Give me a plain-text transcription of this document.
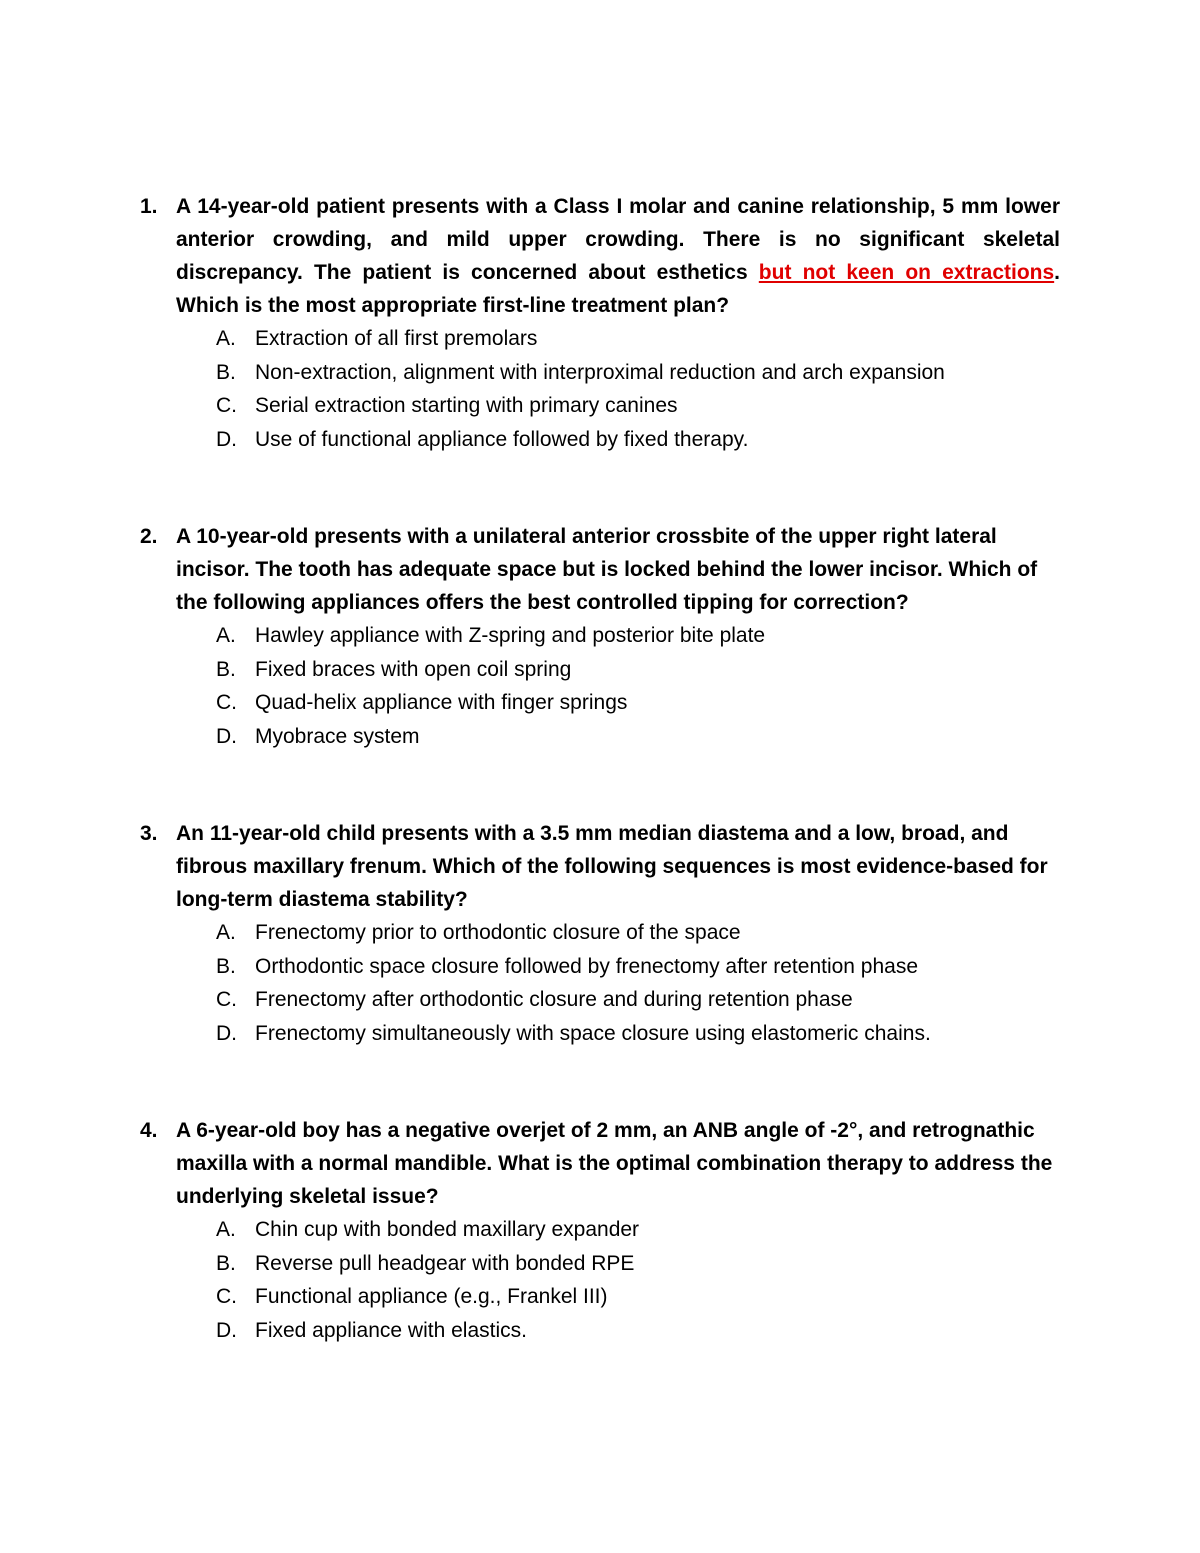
1. A 14-year-old patient presents with a Class I molar and canine relationship, 5 mm lower anterior crowding, and mild upper crowding. There is no significant skeletal discrepancy. The patient is concerned about esthetics but not keen on extractions. Which is the most appropriate first-line treatment plan?

A. Extraction of all first premolars
B. Non-extraction, alignment with interproximal reduction and arch expansion
C. Serial extraction starting with primary canines
D. Use of functional appliance followed by fixed therapy.
2. A 10-year-old presents with a unilateral anterior crossbite of the upper right lateral incisor. The tooth has adequate space but is locked behind the lower incisor. Which of the following appliances offers the best controlled tipping for correction?

A. Hawley appliance with Z-spring and posterior bite plate
B. Fixed braces with open coil spring
C. Quad-helix appliance with finger springs
D. Myobrace system
3. An 11-year-old child presents with a 3.5 mm median diastema and a low, broad, and fibrous maxillary frenum. Which of the following sequences is most evidence-based for long-term diastema stability?

A. Frenectomy prior to orthodontic closure of the space
B. Orthodontic space closure followed by frenectomy after retention phase
C. Frenectomy after orthodontic closure and during retention phase
D. Frenectomy simultaneously with space closure using elastomeric chains.
4. A 6-year-old boy has a negative overjet of 2 mm, an ANB angle of -2°, and retrognathic maxilla with a normal mandible. What is the optimal combination therapy to address the underlying skeletal issue?

A. Chin cup with bonded maxillary expander
B. Reverse pull headgear with bonded RPE
C. Functional appliance (e.g., Frankel III)
D. Fixed appliance with elastics.
